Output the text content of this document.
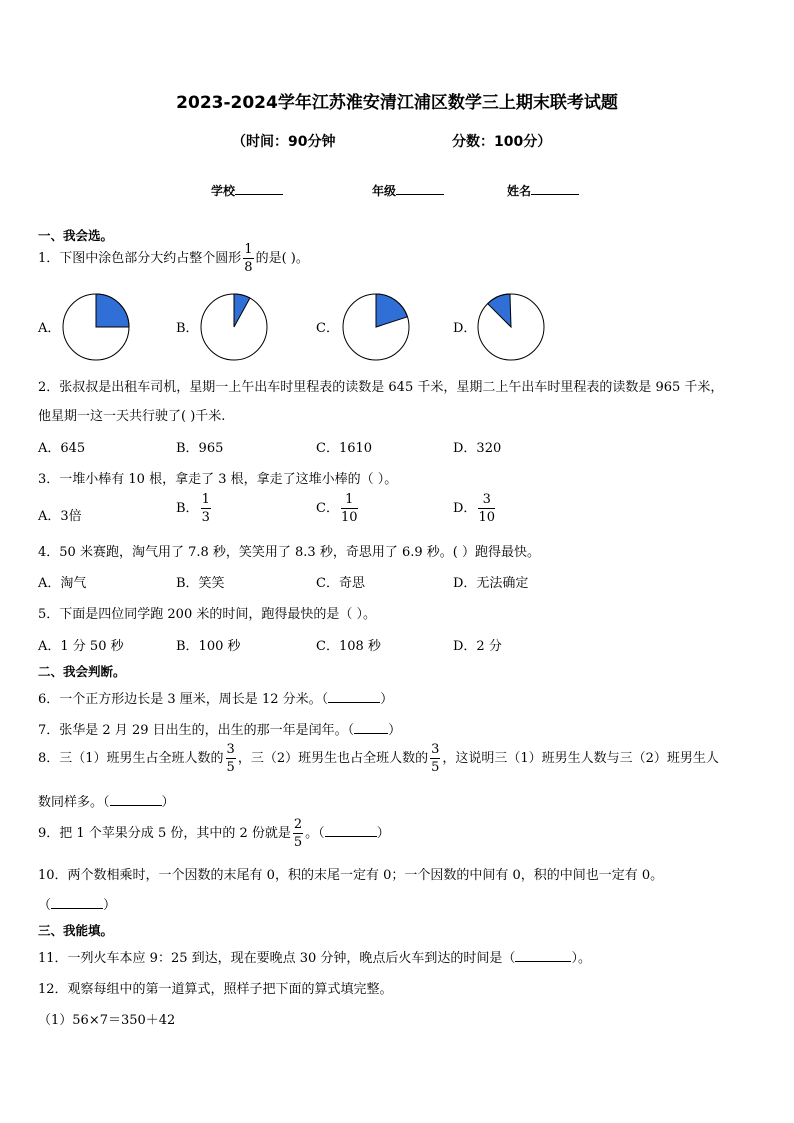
2023-2024学年江苏淮安清江浦区数学三上期末联考试题
（时间：90分钟	分数：100分）
学校	年级	姓名
一、我会选。
1．下图中涂色部分大约占整个圆形 $\frac{1}{8}$ 的是( )。
A．	B．	C．	D．
2．张叔叔是出租车司机，星期一上午出车时里程表的读数是 645 千米，星期二上午出车时里程表的读数是 965 千米，
他星期一这一天共行驶了( )千米.
A．645	B．965	C．1610	D．320
3．一堆小棒有 10 根，拿走了 3 根，拿走了这堆小棒的（ ）。
A．3倍
B． $\frac{1}{3}$	C． $\frac{1}{10}$	D． $\frac{3}{10}$
4．50 米赛跑，淘气用了 7.8 秒，笑笑用了 8.3 秒，奇思用了 6.9 秒。( ）跑得最快。
A．淘气	B．笑笑	C．奇思	D．无法确定
5．下面是四位同学跑 200 米的时间，跑得最快的是（ ）。
A．1 分 50 秒	B．100 秒	C．108 秒	D．2 分
二、我会判断。
6．一个正方形边长是 3 厘米，周长是 12 分米。（	）
7．张华是 2 月 29 日出生的，出生的那一年是闰年。（	）
8．三（1）班男生占全班人数的 $\frac{3}{5}$ ，三（2）班男生也占全班人数的 $\frac{3}{5}$ ，这说明三（1）班男生人数与三（2）班男生人
数同样多。（	）
9．把 1 个苹果分成 5 份，其中的 2 份就是 $\frac{2}{5}$ 。（	）
10．两个数相乘时，一个因数的末尾有 0，积的末尾一定有 0；一个因数的中间有 0，积的中间也一定有 0。
（	）
三、我能填。
11．一列火车本应 9：25 到达，现在要晚点 30 分钟，晚点后火车到达的时间是（	）。
12．观察每组中的第一道算式，照样子把下面的算式填完整。
（1）56×7＝350＋42
